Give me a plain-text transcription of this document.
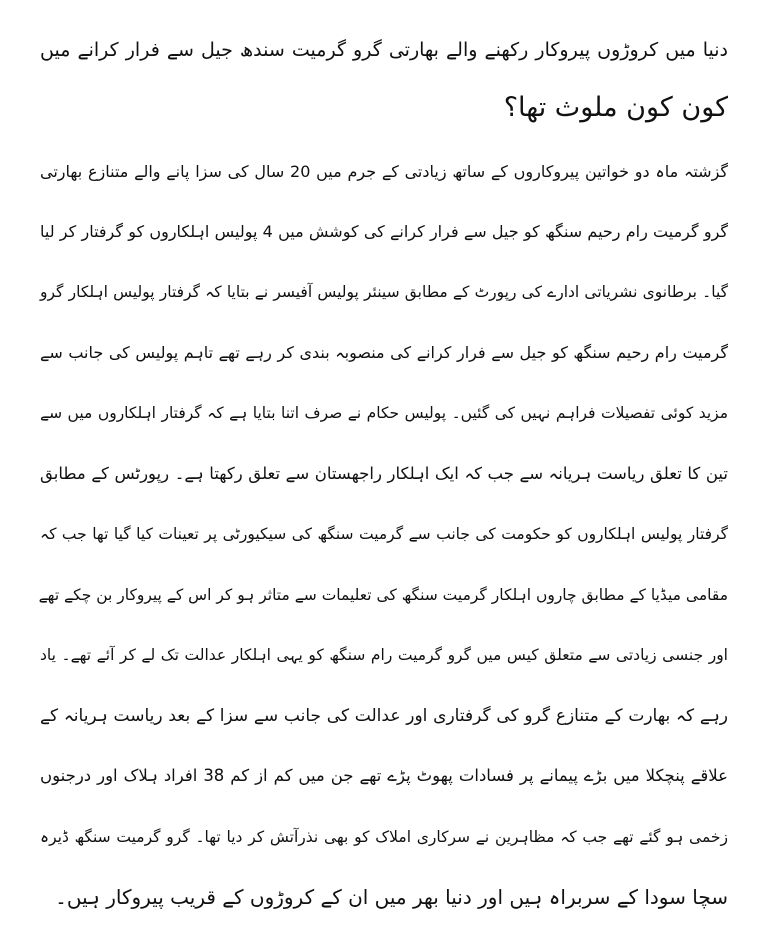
دنیا میں کروڑوں پیروکار رکھنے والے بھارتی گرو گرمیت سندھ جیل سے فرار کرانے میں
کون کون ملوث تھا؟
گزشتہ ماہ دو خواتین پیروکاروں کے ساتھ زیادتی کے جرم میں 20 سال کی سزا پانے والے متنازع بھارتی
گرو گرمیت رام رحیم سنگھ کو جیل سے فرار کرانے کی کوشش میں 4 پولیس اہلکاروں کو گرفتار کر لیا
گیا۔ برطانوی نشریاتی ادارے کی رپورٹ کے مطابق سینئر پولیس آفیسر نے بتایا کہ گرفتار پولیس اہلکار گرو
گرمیت رام رحیم سنگھ کو جیل سے فرار کرانے کی منصوبہ بندی کر رہے تھے تاہم پولیس کی جانب سے
مزید کوئی تفصیلات فراہم نہیں کی گئیں۔ پولیس حکام نے صرف اتنا بتایا ہے کہ گرفتار اہلکاروں میں سے
تین کا تعلق ریاست ہریانہ سے جب کہ ایک اہلکار راجھستان سے تعلق رکھتا ہے۔ رپورٹس کے مطابق
گرفتار پولیس اہلکاروں کو حکومت کی جانب سے گرمیت سنگھ کی سیکیورٹی پر تعینات کیا گیا تھا جب کہ
مقامی میڈیا کے مطابق چاروں اہلکار گرمیت سنگھ کی تعلیمات سے متاثر ہو کر اس کے پیروکار بن چکے تھے
اور جنسی زیادتی سے متعلق کیس میں گرو گرمیت رام سنگھ کو یہی اہلکار عدالت تک لے کر آئے تھے۔ یاد
رہے کہ بھارت کے متنازع گرو کی گرفتاری اور عدالت کی جانب سے سزا کے بعد ریاست ہریانہ کے
علاقے پنچکلا میں بڑے پیمانے پر فسادات پھوٹ پڑے تھے جن میں کم از کم 38 افراد ہلاک اور درجنوں
زخمی ہو گئے تھے جب کہ مظاہرین نے سرکاری املاک کو بھی نذرآتش کر دیا تھا۔ گرو گرمیت سنگھ ڈیرہ
سچا سودا کے سربراہ ہیں اور دنیا بھر میں ان کے کروڑوں کے قریب پیروکار ہیں۔
